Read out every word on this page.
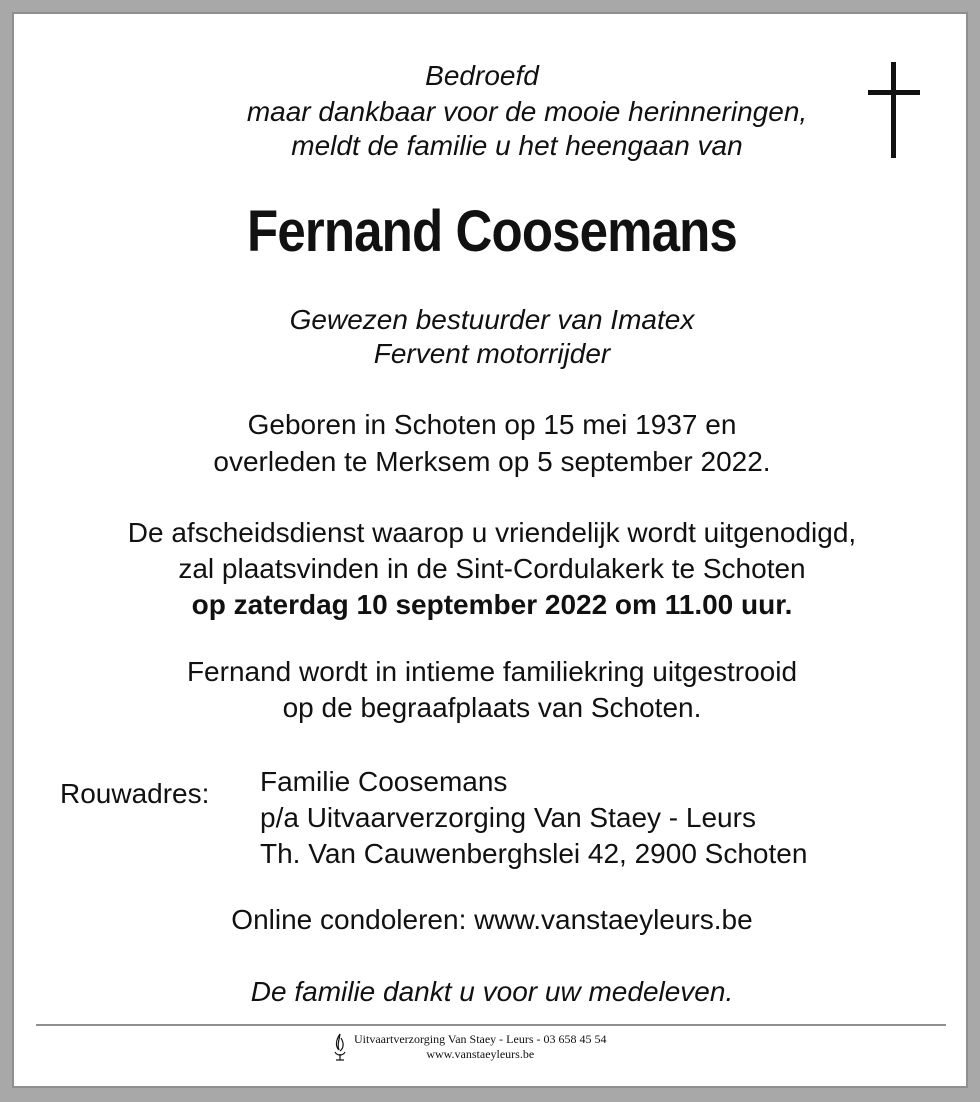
Bedroefd
maar dankbaar voor de mooie herinneringen,
meldt de familie u het heengaan van
Fernand Coosemans
Gewezen bestuurder van Imatex
Fervent motorrijder
Geboren in Schoten op 15 mei 1937 en
overleden te Merksem op 5 september 2022.
De afscheidsdienst waarop u vriendelijk wordt uitgenodigd,
zal plaatsvinden in de Sint-Cordulakerk te Schoten
op zaterdag 10 september 2022 om 11.00 uur.
Fernand wordt in intieme familiekring uitgestrooid
op de begraafplaats van Schoten.
Rouwadres: Familie Coosemans
p/a Uitvaarverzorging Van Staey - Leurs
Th. Van Cauwenberghslei 42, 2900 Schoten
Online condoleren: www.vanstaeyleurs.be
De familie dankt u voor uw medeleven.
Uitvaartverzorging Van Staey - Leurs - 03 658 45 54
www.vanstaeyleurs.be
